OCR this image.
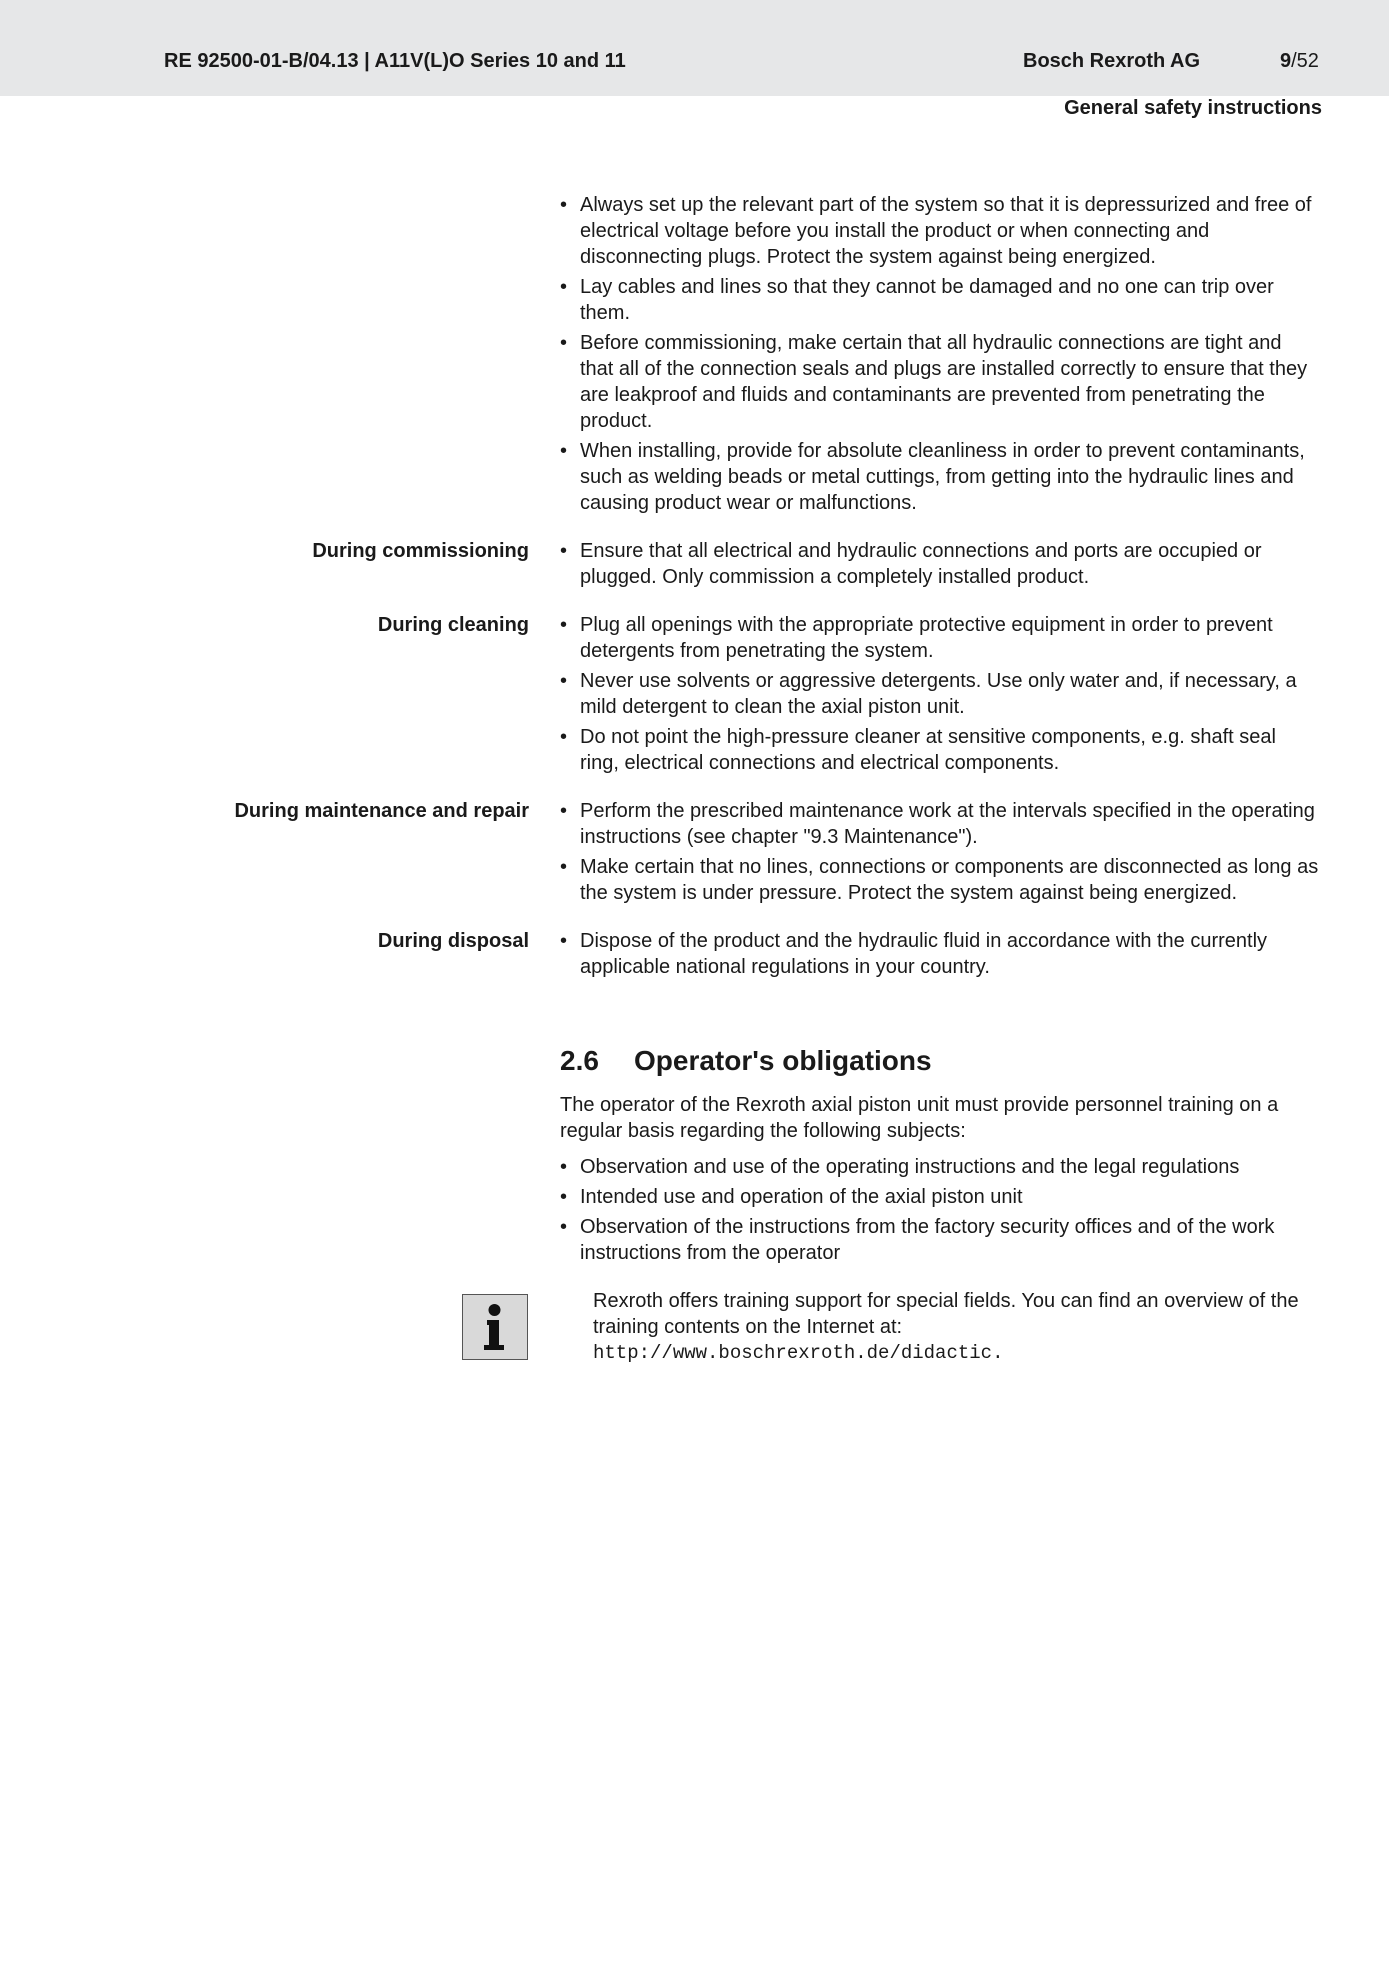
RE 92500-01-B/04.13 | A11V(L)O Series 10 and 11	Bosch Rexroth AG	9/52
General safety instructions
• Always set up the relevant part of the system so that it is depressurized and free of electrical voltage before you install the product or when connecting and disconnecting plugs. Protect the system against being energized.
• Lay cables and lines so that they cannot be damaged and no one can trip over them.
• Before commissioning, make certain that all hydraulic connections are tight and that all of the connection seals and plugs are installed correctly to ensure that they are leakproof and fluids and contaminants are prevented from penetrating the product.
• When installing, provide for absolute cleanliness in order to prevent contaminants, such as welding beads or metal cuttings, from getting into the hydraulic lines and causing product wear or malfunctions.
During commissioning	• Ensure that all electrical and hydraulic connections and ports are occupied or plugged. Only commission a completely installed product.
During cleaning	• Plug all openings with the appropriate protective equipment in order to prevent detergents from penetrating the system.
• Never use solvents or aggressive detergents. Use only water and, if necessary, a mild detergent to clean the axial piston unit.
• Do not point the high-pressure cleaner at sensitive components, e.g. shaft seal ring, electrical connections and electrical components.
During maintenance and repair	• Perform the prescribed maintenance work at the intervals specified in the operating instructions (see chapter "9.3 Maintenance").
• Make certain that no lines, connections or components are disconnected as long as the system is under pressure. Protect the system against being energized.
During disposal	• Dispose of the product and the hydraulic fluid in accordance with the currently applicable national regulations in your country.
2.6	Operator's obligations
The operator of the Rexroth axial piston unit must provide personnel training on a regular basis regarding the following subjects:
• Observation and use of the operating instructions and the legal regulations
• Intended use and operation of the axial piston unit
• Observation of the instructions from the factory security offices and of the work instructions from the operator
Rexroth offers training support for special fields. You can find an overview of the training contents on the Internet at:
http://www.boschrexroth.de/didactic.
